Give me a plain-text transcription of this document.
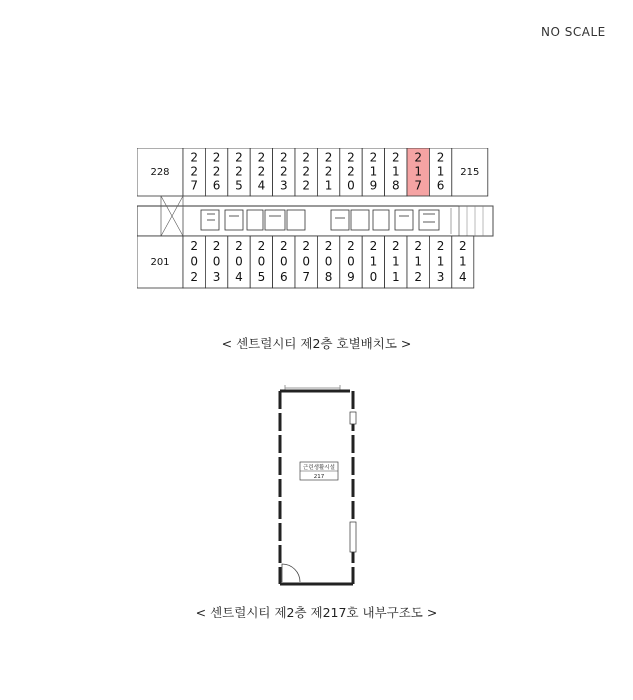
NO SCALE
228
2
2
7
2
2
6
2
2
5
2
2
4
2
2
3
2
2
2
2
2
1
2
2
0
2
1
9
2
1
8
2
1
7
2
1
6
215
201
2
0
2
2
0
3
2
0
4
2
0
5
2
0
6
2
0
7
2
0
8
2
0
9
2
1
0
2
1
1
2
1
2
2
1
3
2
1
4
< 센트럴시티 제2층 호별배치도 >
근린생활시설
217
< 센트럴시티 제2층 제217호 내부구조도 >
